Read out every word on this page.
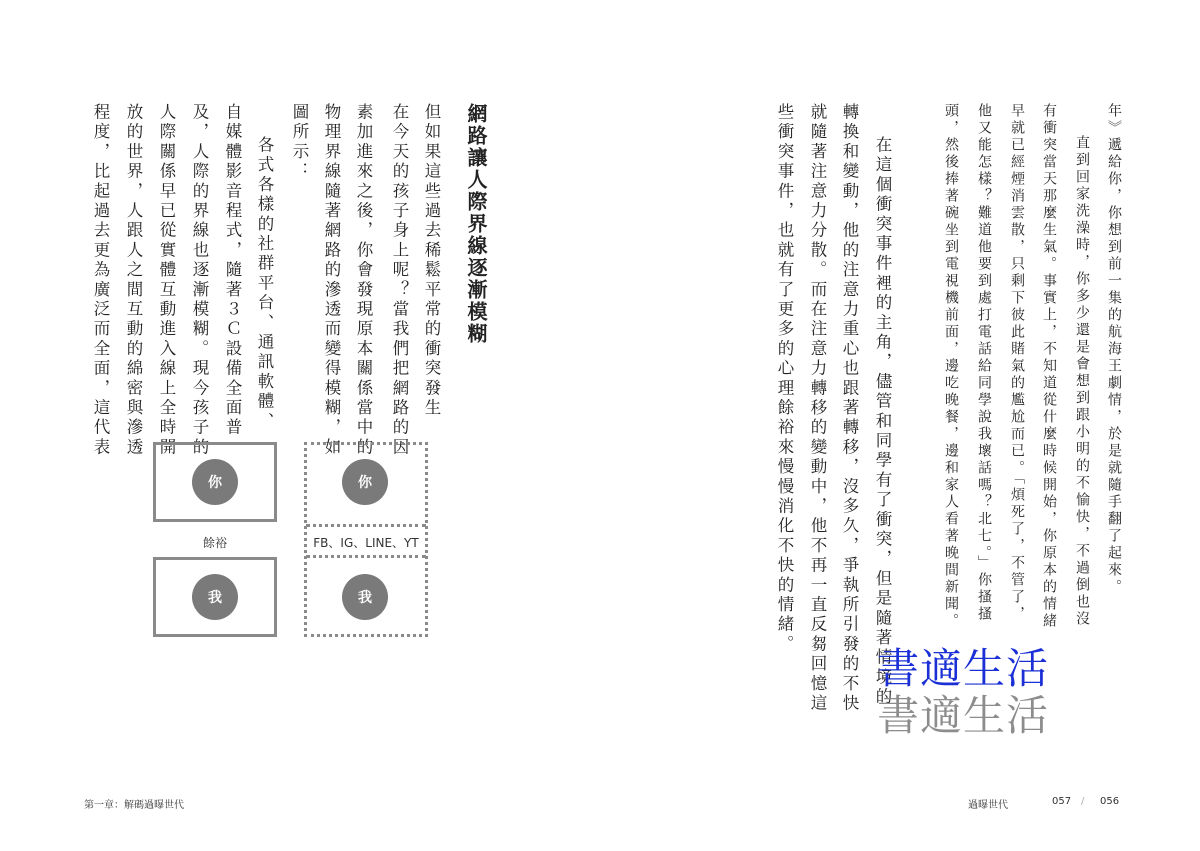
網路讓人際界線逐漸模糊
但如果這些過去稀鬆平常的衝突發生
在今天的孩子身上呢？當我們把網路的因
素加進來之後，你會發現原本關係當中的
物理界線隨著網路的滲透而變得模糊，如
圖所示：
各式各樣的社群平台、通訊軟體、
自媒體影音程式，隨著３Ｃ設備全面普
及，人際的界線也逐漸模糊。現今孩子的
人際關係早已從實體互動進入線上全時開
放的世界，人跟人之間互動的綿密與滲透
程度，比起過去更為廣泛而全面，這代表
你
餘裕
我
你
FB、IG、LINE、YT
我
第一章：解碼過曝世代
年》遞給你，你想到前一集的航海王劇情，於是就隨手翻了起來。
直到回家洗澡時，你多少還是會想到跟小明的不愉快，不過倒也沒
有衝突當天那麼生氣。事實上，不知道從什麼時候開始，你原本的情緒
早就已經煙消雲散，只剩下彼此賭氣的尷尬而已。「煩死了，不管了，
他又能怎樣？難道他要到處打電話給同學說我壞話嗎？北七。」你搔搔
頭，然後捧著碗坐到電視機前面，邊吃晚餐，邊和家人看著晚間新聞。
在這個衝突事件裡的主角，儘管和同學有了衝突，但是隨著情境的
轉換和變動，他的注意力重心也跟著轉移，沒多久，爭執所引發的不快
就隨著注意力分散。而在注意力轉移的變動中，他不再一直反芻回憶這
些衝突事件，也就有了更多的心理餘裕來慢慢消化不快的情緒。
書適生活
書適生活
過曝世代	057 / 056
